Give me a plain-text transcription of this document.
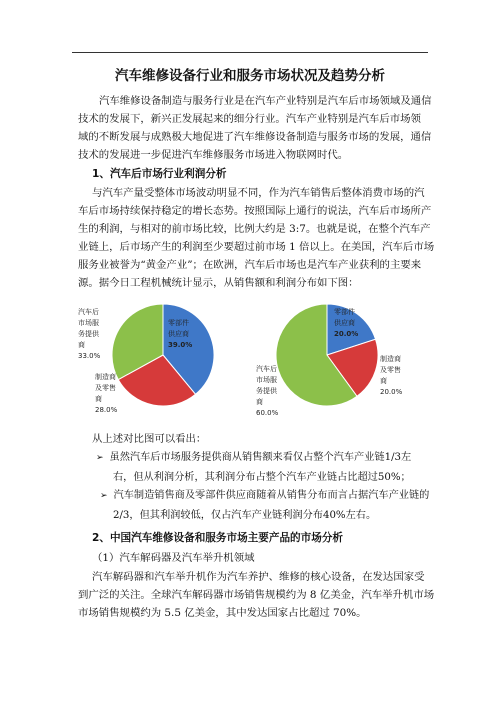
汽车维修设备行业和服务市场状况及趋势分析
汽车维修设备制造与服务行业是在汽车产业特别是汽车后市场领域及通信
技术的发展下，新兴正发展起来的细分行业。汽车产业特别是汽车后市场领
域的不断发展与成熟极大地促进了汽车维修设备制造与服务市场的发展，通信
技术的发展进一步促进汽车维修服务市场进入物联网时代。
1、汽车后市场行业利润分析
与汽车产量受整体市场波动明显不同，作为汽车销售后整体消费市场的汽
车后市场持续保持稳定的增长态势。按照国际上通行的说法，汽车后市场所产
生的利润，与相对的前市场比较，比例大约是 3:7。也就是说，在整个汽车产
业链上，后市场产生的利润至少要超过前市场 1 倍以上。在美国，汽车后市场
服务业被誉为“黄金产业”；在欧洲，汽车后市场也是汽车产业获利的主要来
源。据今日工程机械统计显示，从销售额和利润分布如下图：
零部件
供应商
39.0%
制造商
及零售
商
28.0%
汽车后
市场服
务提供
商
33.0%
零部件
供应商
20.0%
制造商
及零售
商
20.0%
汽车后
市场服
务提供
商
60.0%
从上述对比图可以看出：
➢ 虽然汽车后市场服务提供商从销售额来看仅占整个汽车产业链1/3左
右，但从利润分析，其利润分布占整个汽车产业链占比超过50%；
➢ 汽车制造销售商及零部件供应商随着从销售分布而言占据汽车产业链的
2/3，但其利润较低，仅占汽车产业链利润分布40%左右。
2、中国汽车维修设备和服务市场主要产品的市场分析
（1）汽车解码器及汽车举升机领域
汽车解码器和汽车举升机作为汽车养护、维修的核心设备，在发达国家受
到广泛的关注。全球汽车解码器市场销售规模约为 8 亿美金，汽车举升机市场
市场销售规模约为 5.5 亿美金，其中发达国家占比超过 70%。
